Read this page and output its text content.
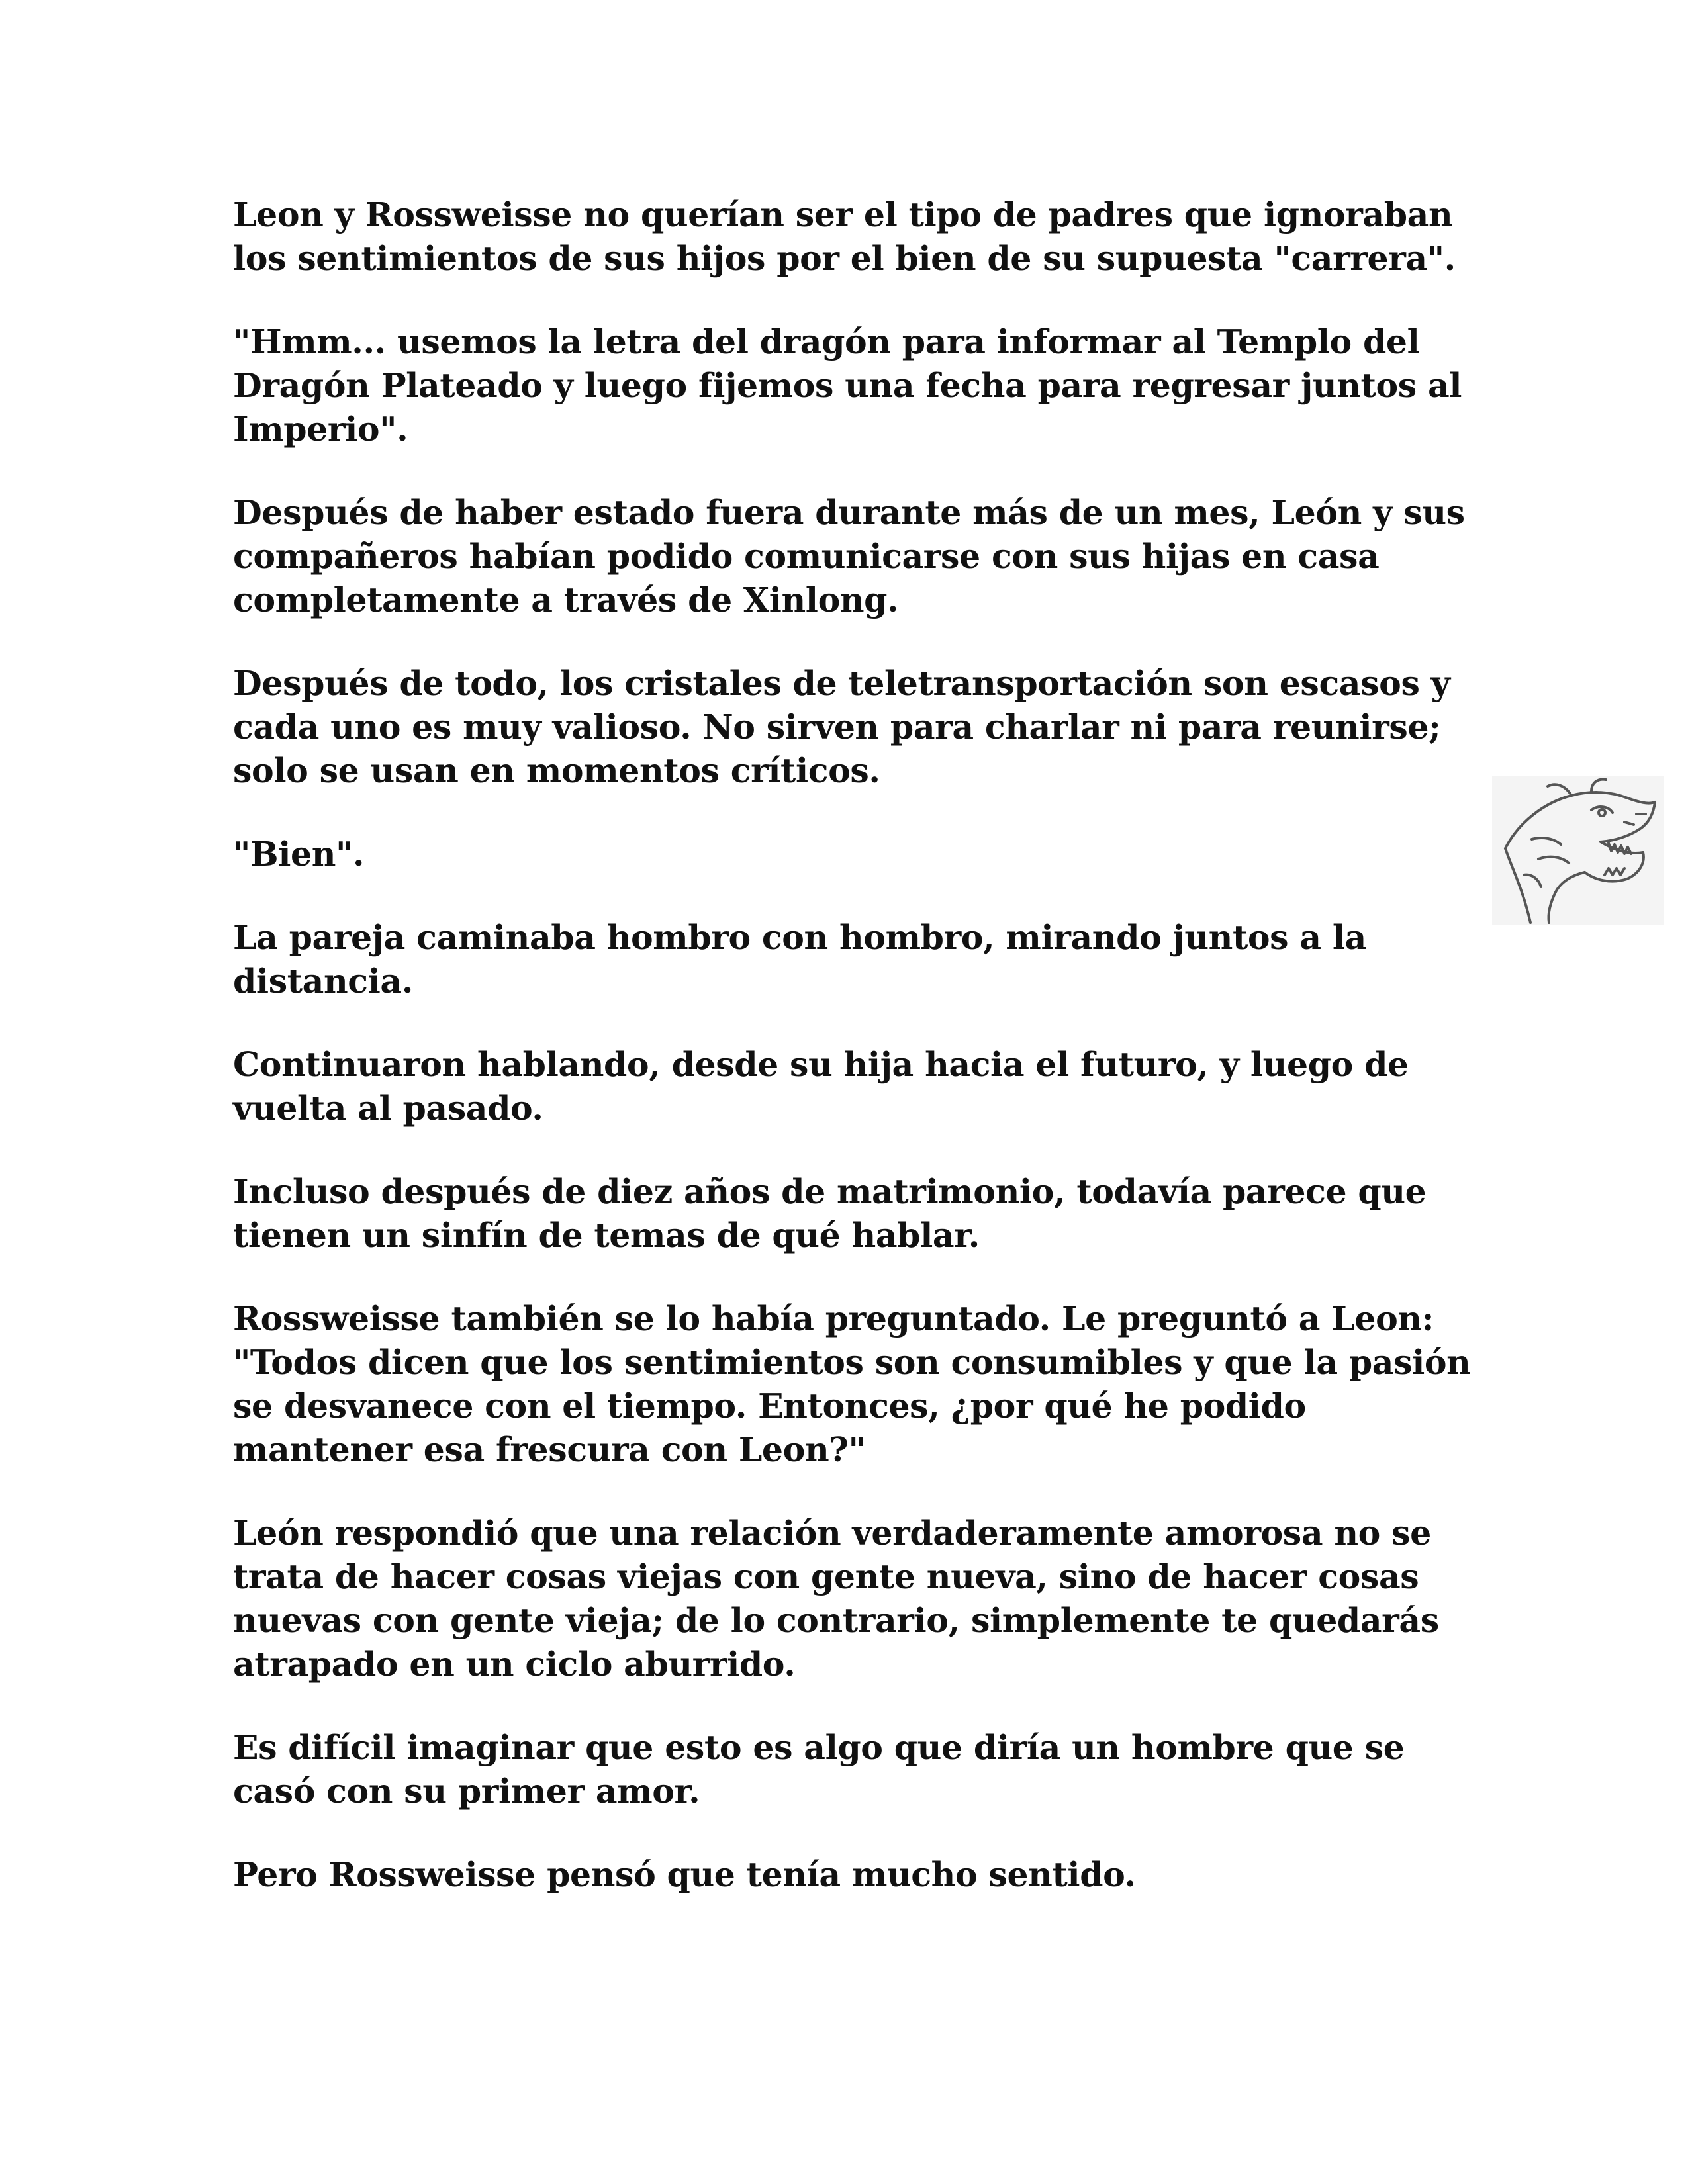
Leon y Rossweisse no querían ser el tipo de padres que ignoraban los sentimientos de sus hijos por el bien de su supuesta "carrera".

"Hmm... usemos la letra del dragón para informar al Templo del Dragón Plateado y luego fijemos una fecha para regresar juntos al Imperio".

Después de haber estado fuera durante más de un mes, León y sus compañeros habían podido comunicarse con sus hijas en casa completamente a través de Xinlong.

Después de todo, los cristales de teletransportación son escasos y cada uno es muy valioso. No sirven para charlar ni para reunirse; solo se usan en momentos críticos.

"Bien".

La pareja caminaba hombro con hombro, mirando juntos a la distancia.

Continuaron hablando, desde su hija hacia el futuro, y luego de vuelta al pasado.

Incluso después de diez años de matrimonio, todavía parece que tienen un sinfín de temas de qué hablar.

Rossweisse también se lo había preguntado. Le preguntó a Leon: "Todos dicen que los sentimientos son consumibles y que la pasión se desvanece con el tiempo. Entonces, ¿por qué he podido mantener esa frescura con Leon?"

León respondió que una relación verdaderamente amorosa no se trata de hacer cosas viejas con gente nueva, sino de hacer cosas nuevas con gente vieja; de lo contrario, simplemente te quedarás atrapado en un ciclo aburrido.

Es difícil imaginar que esto es algo que diría un hombre que se casó con su primer amor.

Pero Rossweisse pensó que tenía mucho sentido.
